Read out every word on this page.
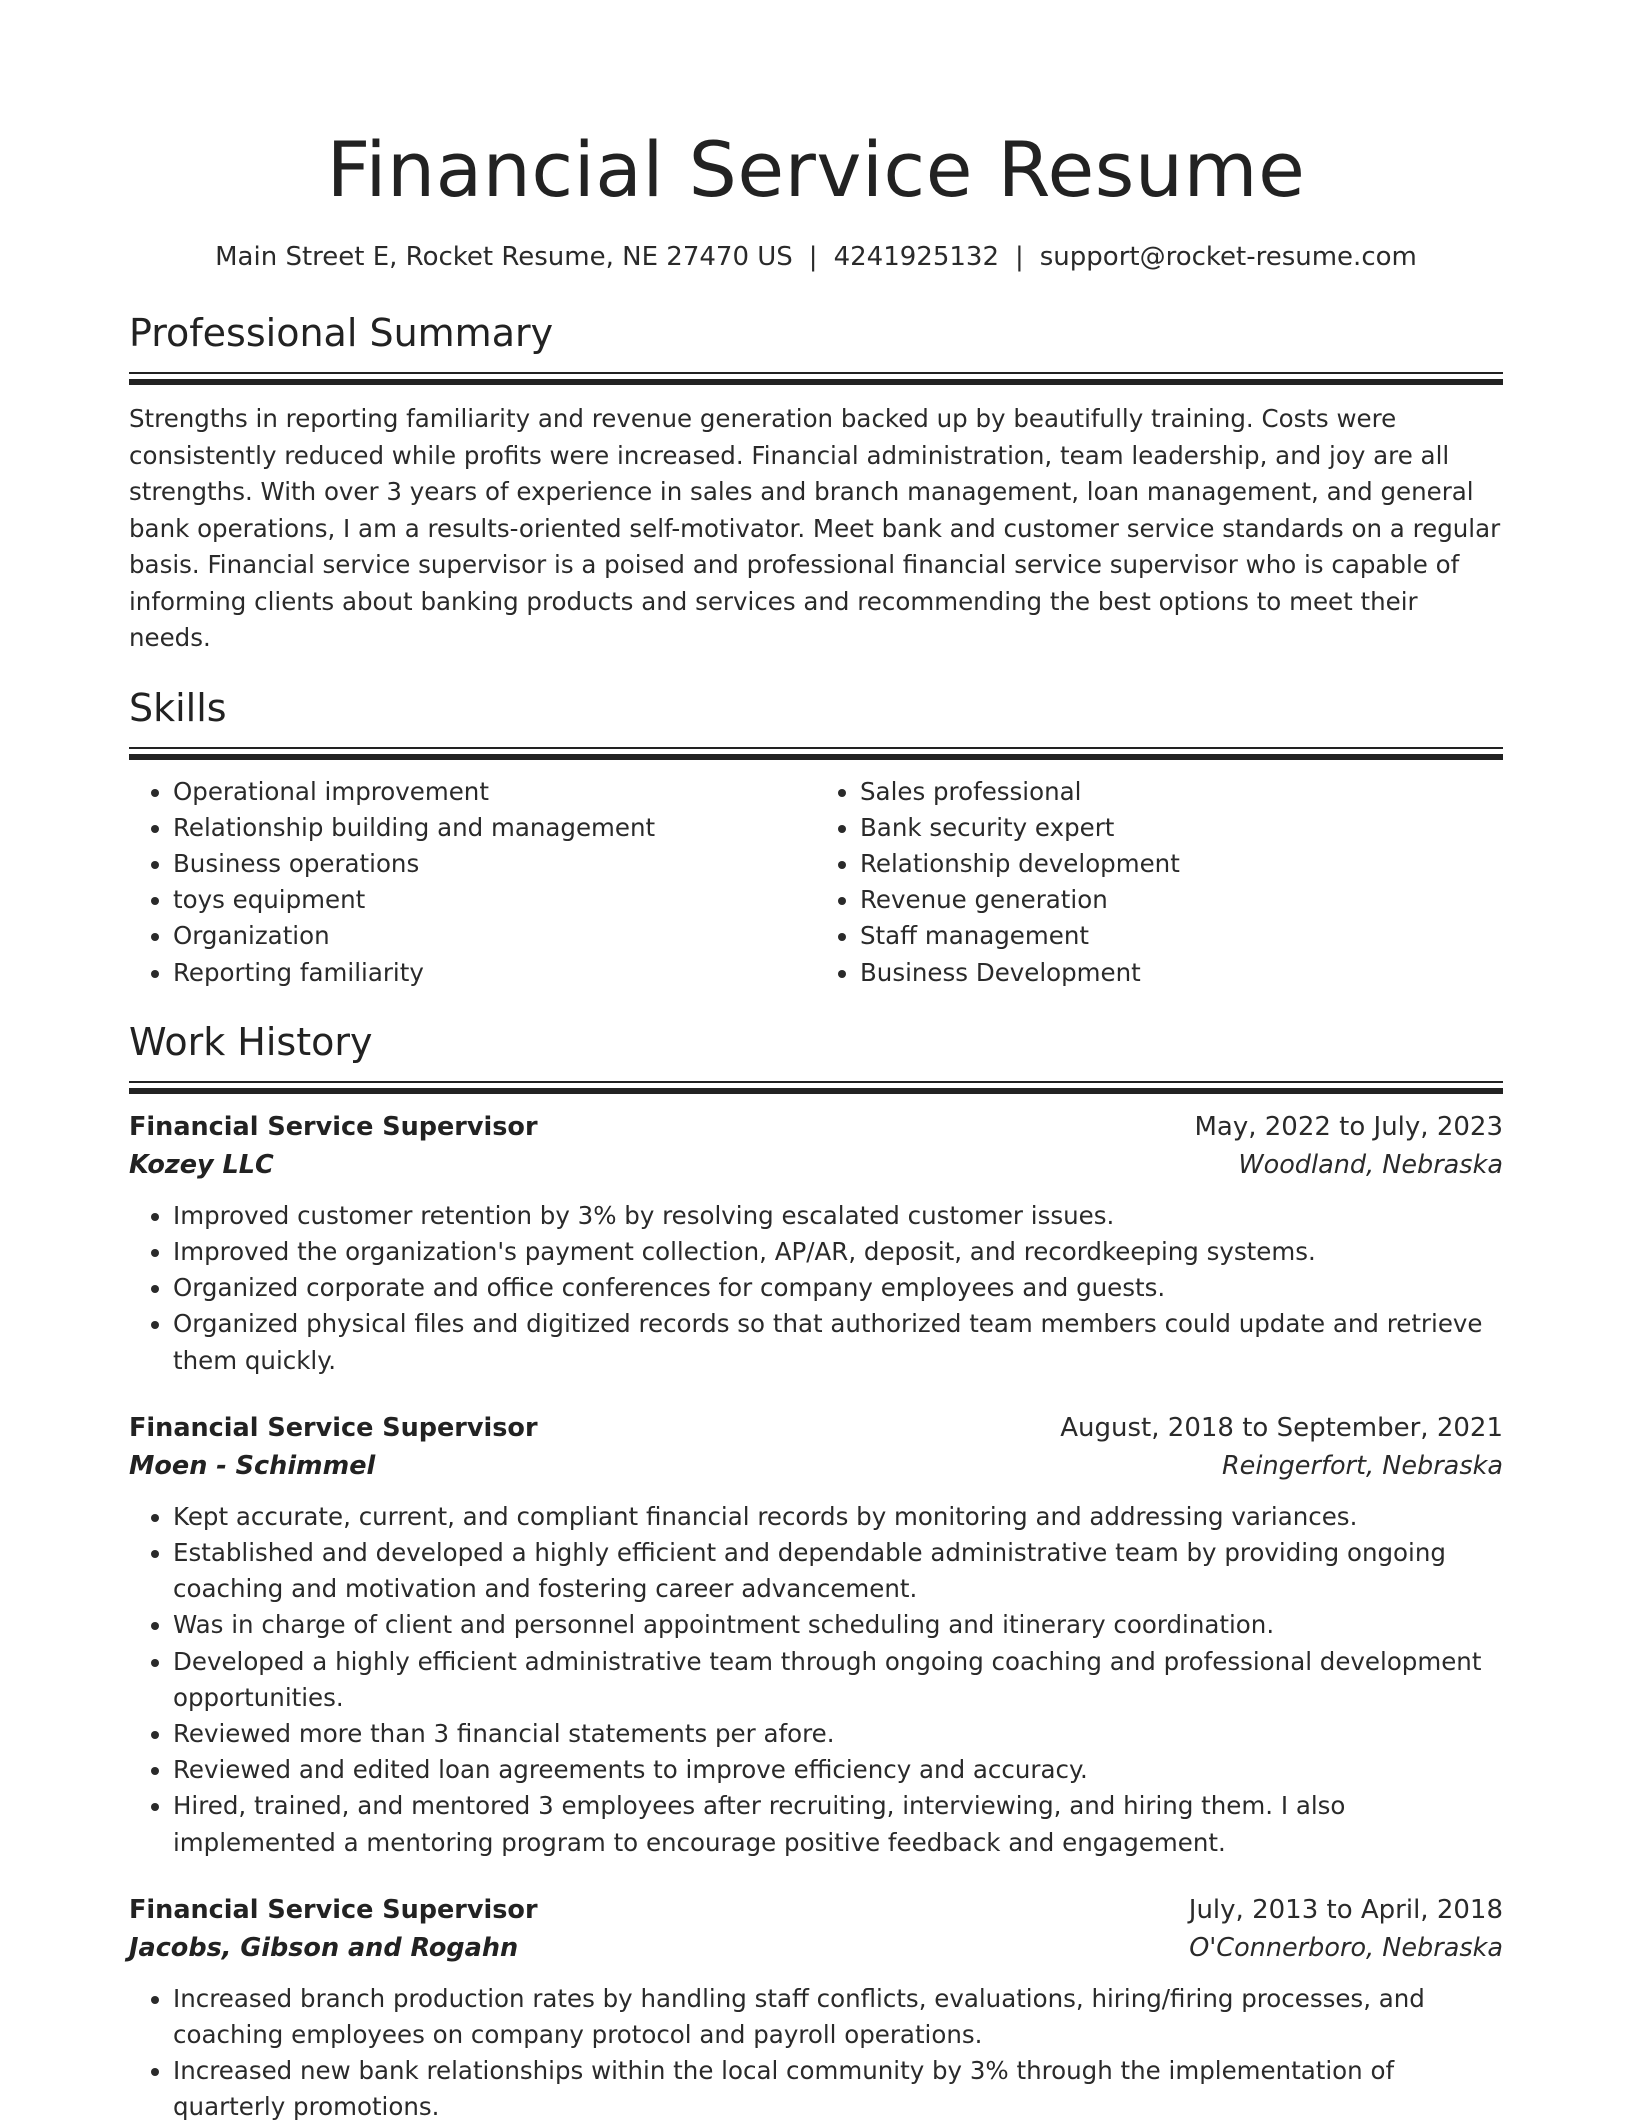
Financial Service Resume
Main Street E, Rocket Resume, NE 27470 US | 4241925132 | support@rocket-resume.com
Professional Summary

Strengths in reporting familiarity and revenue generation backed up by beautifully training. Costs were consistently reduced while profits were increased. Financial administration, team leadership, and joy are all strengths. With over 3 years of experience in sales and branch management, loan management, and general bank operations, I am a results-oriented self-motivator. Meet bank and customer service standards on a regular basis. Financial service supervisor is a poised and professional financial service supervisor who is capable of informing clients about banking products and services and recommending the best options to meet their needs.

Skills
• Operational improvement
• Relationship building and management
• Business operations
• toys equipment
• Organization
• Reporting familiarity
• Sales professional
• Bank security expert
• Relationship development
• Revenue generation
• Staff management
• Business Development
Work History
Financial Service Supervisor	May, 2022 to July, 2023
Kozey LLC	Woodland, Nebraska
• Improved customer retention by 3% by resolving escalated customer issues.
• Improved the organization's payment collection, AP/AR, deposit, and recordkeeping systems.
• Organized corporate and office conferences for company employees and guests.
• Organized physical files and digitized records so that authorized team members could update and retrieve them quickly.
Financial Service Supervisor	August, 2018 to September, 2021
Moen - Schimmel	Reingerfort, Nebraska
• Kept accurate, current, and compliant financial records by monitoring and addressing variances.
• Established and developed a highly efficient and dependable administrative team by providing ongoing coaching and motivation and fostering career advancement.
• Was in charge of client and personnel appointment scheduling and itinerary coordination.
• Developed a highly efficient administrative team through ongoing coaching and professional development opportunities.
• Reviewed more than 3 financial statements per afore.
• Reviewed and edited loan agreements to improve efficiency and accuracy.
• Hired, trained, and mentored 3 employees after recruiting, interviewing, and hiring them. I also implemented a mentoring program to encourage positive feedback and engagement.
Financial Service Supervisor	July, 2013 to April, 2018
Jacobs, Gibson and Rogahn	O'Connerboro, Nebraska
• Increased branch production rates by handling staff conflicts, evaluations, hiring/firing processes, and coaching employees on company protocol and payroll operations.
• Increased new bank relationships within the local community by 3% through the implementation of quarterly promotions.
